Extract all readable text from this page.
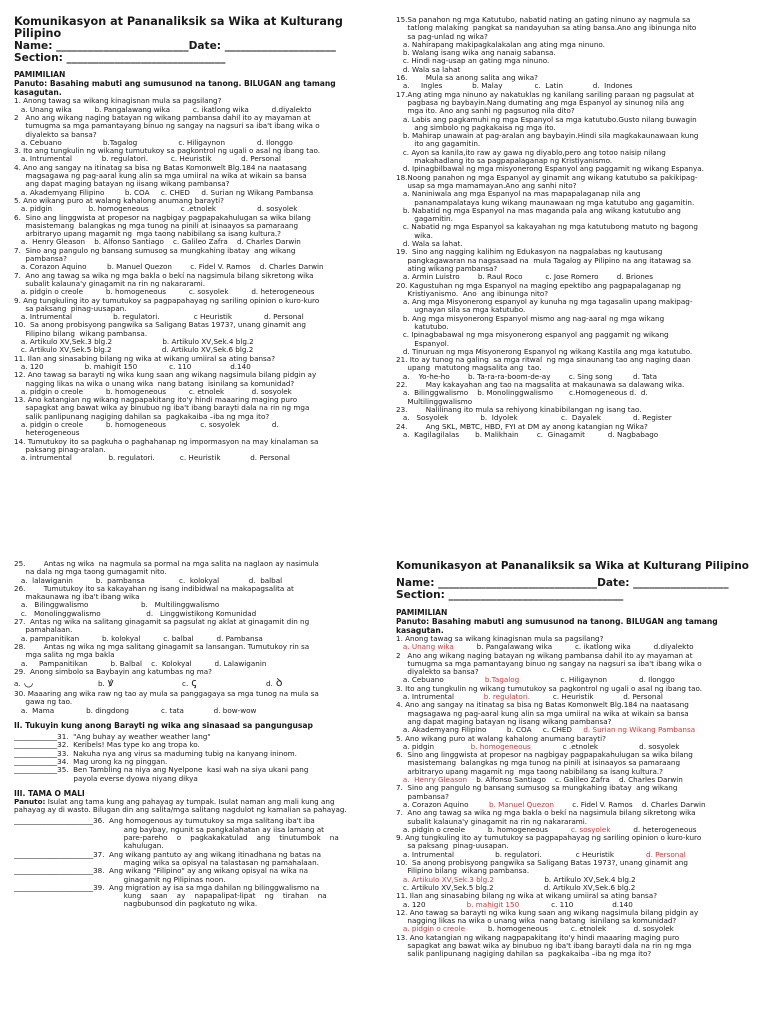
Komunikasyon at Pananaliksik sa Wika at Kulturang Pilipino

Name: _________________________Date: _____________________

Section: ______________________________

PAMIMILIAN

Panuto: Basahing mabuti ang sumusunod na tanong. BILUGAN ang tamang kasagutan.

1. Anong tawag sa wikang kinagisnan mula sa pagsilang?

a. Unang wika          b. Pangalawang wika          c. ikatlong wika          d.diyalekto

2   Ano ang wikang naging batayan ng wikang pambansa dahil ito ay mayaman at

tumugma sa mga pamantayang binuo ng sangay na nagsuri sa iba't ibang wika o

diyalekto sa bansa?

a. Cebuano                  b.Tagalog                  c. Hiligaynon              d. Ilonggo

3. Ito ang tungkulin ng wikang tumutukoy sa pagkontrol ng ugali o asal ng ibang tao.

a. Intrumental             b. regulatori.          c. Heuristik             d. Personal

4. Ano ang sangay na itinatag sa bisa ng Batas Komonwelt Blg.184 na naatasang

magsagawa ng pag-aaral kung alin sa mga umiiral na wika at wikain sa bansa

ang dapat maging batayan ng iisang wikang pambansa?

a. Akademyang Filipino         b. COA     c. CHED     d. Surian ng Wikang Pambansa

5. Ano wikang puro at walang kahalong anumang barayti?

a. pidgin                b. homogeneous              c .etnolek                  d. sosyolek

6.  Sino ang linggwista at propesor na nagbigay pagpapakahulugan sa wika bilang

masistemang  balangkas ng mga tunog na pinili at isinaayos sa pamaraang

arbitraryo upang magamit ng  mga taong nabibilang sa isang kultura.?

a.  Henry Gleason    b. Alfonso Santiago    c. Galileo Zafra    d. Charles Darwin

7.  Sino ang pangulo ng bansang sumusog sa mungkahing ibatay  ang wikang

pambansa?

a. Corazon Aquino         b. Manuel Quezon        c. Fidel V. Ramos    d. Charles Darwin

7.  Ano ang tawag sa wika ng mga bakla o bekí na nagsimula bilang sikretong wika

subalit kalauna'y ginagamit na rin ng nakararami.

a. pidgin o creole          b. homogeneous          c. sosyolek          d. heterogeneous

9. Ang tungkuling ito ay tumutukoy sa pagpapahayag ng sariling opinion o kuro-kuro

sa paksang  pinag-uusapan.

a. Intrumental                  b. regulatori.               c Heuristik              d. Personal

10.  Sa anong probisyong pangwika sa Saligang Batas 1973?, unang ginamit ang

Filipino bilang  wikang pambansa.

a. Artikulo XV,Sek.3 blg.2                      b. Artikulo XV,Sek.4 blg.2

c. Artikulo XV,Sek.5 blg.2                      d. Artikulo XV,Sek.6 blg.2

11. Ilan ang sinasabing bilang ng wika at wikang umiiral sa ating bansa?

a. 120                  b. mahigit 150              c. 110                 d.140

12. Ano tawag sa barayti ng wika kung saan ang wikang nagsimula bilang pidgin ay

nagging likas na wika o unang wika  nang batang  isinilang sa komunidad?

a. pidgin o creole          b. homogeneous          c. etnolek            d. sosyolek

13. Ano katangian ng wikang nagpapakitang ito'y hindi maaaring maging puro

sapagkat ang bawat wika ay binubuo ng iba't ibang barayti dala na rin ng mga

salik panlipunang nagiging dahilan sa  pagkakaiba –iba ng mga ito?

a. pidgin o creole          b. homogeneous               c. sosyolek              d.

heterogeneous

14. Tumutukoy ito sa pagkuha o paghahanap ng impormasyon na may kinalaman sa

paksang pinag-aralan.

a. intrumental                b. regulatori.           c. Heuristik             d. Personal

15.Sa panahon ng mga Katutubo, nabatid nating an gating ninuno ay nagmula sa

tatlong malaking  pangkat sa nandayuhan sa ating bansa.Ano ang ibinunga nito

sa pag-unlad ng wika?

a. Nahirapang makipagkalakalan ang ating mga ninuno.

b. Walang isang wika ang nanaig sabansa.

c. Hindi nag-usap an gating mga ninuno.

d. Wala sa lahat

16.        Mula sa anong salita ang wika?

a.     Ingles             b. Malay              c.  Latin             d.  Indones

17.Ang ating mga ninuno ay nakatuklas ng kanilang sariling paraan ng pagsulat at

pagbasa ng baybayin.Nang dumating ang mga Espanyol ay sinunog nila ang

mga ito. Ano ang sanhi ng pagsunog nila dito?

a. Labis ang pagkamuhi ng mga Espanyol sa mga katutubo.Gusto nilang buwagin

ang simbolo ng pagkakaisa ng mga ito.

b. Mahirap unawain at pag-aralan ang baybayin.Hindi sila magkakaunawaan kung

ito ang gagamitin.

c. Ayon sa kanila,ito raw ay gawa ng diyablo,pero ang totoo naisip nilang

makahadlang ito sa pagpapalaganap ng Kristiyanismo.

d. Ipinagbilbawal ng mga misyonerong Espanyol ang paggamit ng wikang Espanya.

18.Noong panahon ng mga Espanyol ay ginamit ang wikang katutubo sa pakikipag-

usap sa mga mamamayan.Ano ang sanhi nito?

a. Naniniwala ang mga Espanyol na mas mapapalaganap nila ang

pananampalataya kung wikang maunawaan ng mga katutubo ang gagamitin.

b. Nabatid ng mga Espanyol na mas maganda pala ang wikang katutubo ang

gagamitin.

c. Nabatid ng mga Espanyol sa kakayahan ng mga katutubong matuto ng bagong

wika.

d. Wala sa lahat.

19.  Sino ang nagging kalihim ng Edukasyon na nagpalabas ng kautusang

pangkagawaran na nagsasaad na  mula Tagalog ay Pilipino na ang itatawag sa

ating wikang pambansa?

a. Armin Luistro        b. Raul Roco          c. Jose Romero        d. Briones

20. Kagustuhan ng mga Espanyol na maging epektibo ang pagpapalaganap ng

Kristiyanismo.  Ano  ang ibinunga nito?

a. Ang mga Misyonerong espanyol ay kunuha ng mga tagasalin upang makipag-

ugnayan sila sa mga katutubo.

b. Ang mga misyonerong Espanyol mismo ang nag-aaral ng mga wikang

katutubo.

c. Ipinagbabawal ng mga misyonerong espanyol ang paggamit ng wikang

Espanyol.

d. Tinuruan ng mga Misyonerong Espanyol ng wikang Kastila ang mga katutubo.

21. Ito ay tunog na galing  sa mga ritwal  ng mga sinaunang tao ang naging daan

upang  matutong magsalita ang  tao.

a.    Yo-he-ho        b. Ta-ra-ra-boom-de-ay        c. Sing song         d. Tata

22.        May kakayahan ang tao na magsalita at makaunawa sa dalawang wika.

a.  Bilinggwalismo    b. Monolinggwalismo       c.Homogeneous d.  d.

Multilinggwalismo

23.        Nalilinang ito mula sa rehiyong kinabibilangan ng isang tao.

a.   Sosyolek              b.  Idyolek                   c.  Dayalek              d. Register

24.        Ang SKL, MBTC, HBD, FYI at DM ay anong katangian ng Wika?

a.  Kagilagilalas       b. Malikhain        c.  Ginagamit          d. Nagbabago

25.        Antas ng wika  na nagmula sa pormal na mga salita na naglaon ay nasimula

na dala ng mga taong gumagamit nito.

a.  lalawiganin          b.  pambansa               c.  kolokyal             d.  balbal

26.        Tumutukoy ito sa kakayahan ng isang indibidwal na makapagsalita at

makaunawa ng iba't ibang wika

a.   Bilinggwalismo                       b.   Multilinggwalismo

c.   Monolinggwalismo                    d.   Linggwistikong Komunidad

27.  Antas ng wika na salitang ginagamit sa pagsulat ng aklat at ginagamit din ng

pamahalaan.

a. pampanitikan          b. kolokyal          c. balbal          d. Pambansa

28.        Antas ng wika ng mga salitang ginagamit sa lansangan. Tumutukoy rin sa

mga salita ng mga bakla

a.     Pampanitikan          b. Balbal    c.  Kolokyal          d. Lalawiganin

29.  Anong simbolo sa Baybayin ang katumbas ng ma?

a. ◡	b. ꝟ	c. ꞔ	d. ꝺ

30. Maaaring ang wika raw ng tao ay mula sa panggagaya sa mga tunog na mula sa

gawa ng tao.

a.  Mama              b. dingdong              c. tata             d. bow-wow

II. Tukuyin kung anong Barayti ng wika ang sinasaad sa pangungusap

____________31.  "Ang buhay ay weather weather lang"

____________32.  Keribels! Mas type ko ang tropa ko.

____________33.  Nakuha nya ang virus sa maduming tubig na kanyang ininom.

____________34.  Mag urong ka ng pinggan.

____________35.  Ben Tambling na niya ang Nyelpone  kasi wah na siya ukani pang

payola everse dyowa niyang dikya

III. TAMA O MALI

Panuto: Isulat ang tama kung ang pahayag ay tumpak. Isulat naman ang mali kung ang pahayag ay di wasto. Bilugan din ang salita/mga salitang nagdulot ng kamalian sa pahayag.

______________________36.  Ang homogenous ay tumutukoy sa mga salitang iba't iba

ang baybay, ngunit sa pangkalahatan ay iisa lamang at

pare-pareho    o    pagkakakatulad    ang    tinutumbok    na

kahulugan.

______________________37.  Ang wikang pantuto ay ang wikang itinadhana ng batas na

maging wika sa opisyal na talastasan ng pamahalaan.

______________________38.  Ang wikang "Filipino" ay ang wikang opisyal na wika na

ginagamit ng Pilipinas noon.

______________________39.  Ang migration ay isa sa mga dahilan ng bilinggwalismo na

kung    saan    ay    napapalipat-lipat    ng    tirahan    na

nagbubunsod din pagkatuto ng wika.

Komunikasyon at Pananaliksik sa Wika at Kulturang Pilipino

Name: ______________________________Date: __________________

Section: _________________________________

PAMIMILIAN

Panuto: Basahing mabuti ang sumusunod na tanong. BILUGAN ang tamang kasagutan.

1. Anong tawag sa wikang kinagisnan mula sa pagsilang?

a. Unang wika          b. Pangalawang wika          c. ikatlong wika          d.diyalekto

2   Ano ang wikang naging batayan ng wikang pambansa dahil ito ay mayaman at

tumugma sa mga pamantayang binuo ng sangay na nagsuri sa iba't ibang wika o

diyalekto sa bansa?

a. Cebuano                  b.Tagalog                  c. Hiligaynon              d. Ilonggo

3. Ito ang tungkulin ng wikang tumutukoy sa pagkontrol ng ugali o asal ng ibang tao.

a. Intrumental             b. regulatori.          c. Heuristik             d. Personal

4. Ano ang sangay na itinatag sa bisa ng Batas Komonwelt Blg.184 na naatasang

magsagawa ng pag-aaral kung alin sa mga umiiral na wika at wikain sa bansa

ang dapat maging batayan ng iisang wikang pambansa?

a. Akademyang Filipino         b. COA     c. CHED     d. Surian ng Wikang Pambansa

5. Ano wikang puro at walang kahalong anumang barayti?

a. pidgin                b. homogeneous              c .etnolek                  d. sosyolek

6.  Sino ang linggwista at propesor na nagbigay pagpapakahulugan sa wika bilang

masistemang  balangkas ng mga tunog na pinili at isinaayos sa pamaraang

arbitraryo upang magamit ng  mga taong nabibilang sa isang kultura.?

a.  Henry Gleason    b. Alfonso Santiago    c. Galileo Zafra    d. Charles Darwin

7.  Sino ang pangulo ng bansang sumusog sa mungkahing ibatay  ang wikang

pambansa?

a. Corazon Aquino         b. Manuel Quezon        c. Fidel V. Ramos    d. Charles Darwin

7.  Ano ang tawag sa wika ng mga bakla o bekí na nagsimula bilang sikretong wika

subalit kalauna'y ginagamit na rin ng nakararami.

a. pidgin o creole          b. homogeneous          c. sosyolek          d. heterogeneous

9. Ang tungkuling ito ay tumutukoy sa pagpapahayag ng sariling opinion o kuro-kuro

sa paksang  pinag-uusapan.

a. Intrumental                  b. regulatori.               c Heuristik              d. Personal

10.  Sa anong probisyong pangwika sa Saligang Batas 1973?, unang ginamit ang

Filipino bilang  wikang pambansa.

a. Artikulo XV,Sek.3 blg.2                      b. Artikulo XV,Sek.4 blg.2

c. Artikulo XV,Sek.5 blg.2                      d. Artikulo XV,Sek.6 blg.2

11. Ilan ang sinasabing bilang ng wika at wikang umiiral sa ating bansa?

a. 120                  b. mahigit 150              c. 110                 d.140

12. Ano tawag sa barayti ng wika kung saan ang wikang nagsimula bilang pidgin ay

nagging likas na wika o unang wika  nang batang  isinilang sa komunidad?

a. pidgin o creole          b. homogeneous          c. etnolek            d. sosyolek

13. Ano katangian ng wikang nagpapakitang ito'y hindi maaaring maging puro

sapagkat ang bawat wika ay binubuo ng iba't ibang barayti dala na rin ng mga

salik panlipunang nagiging dahilan sa  pagkakaiba –iba ng mga ito?
